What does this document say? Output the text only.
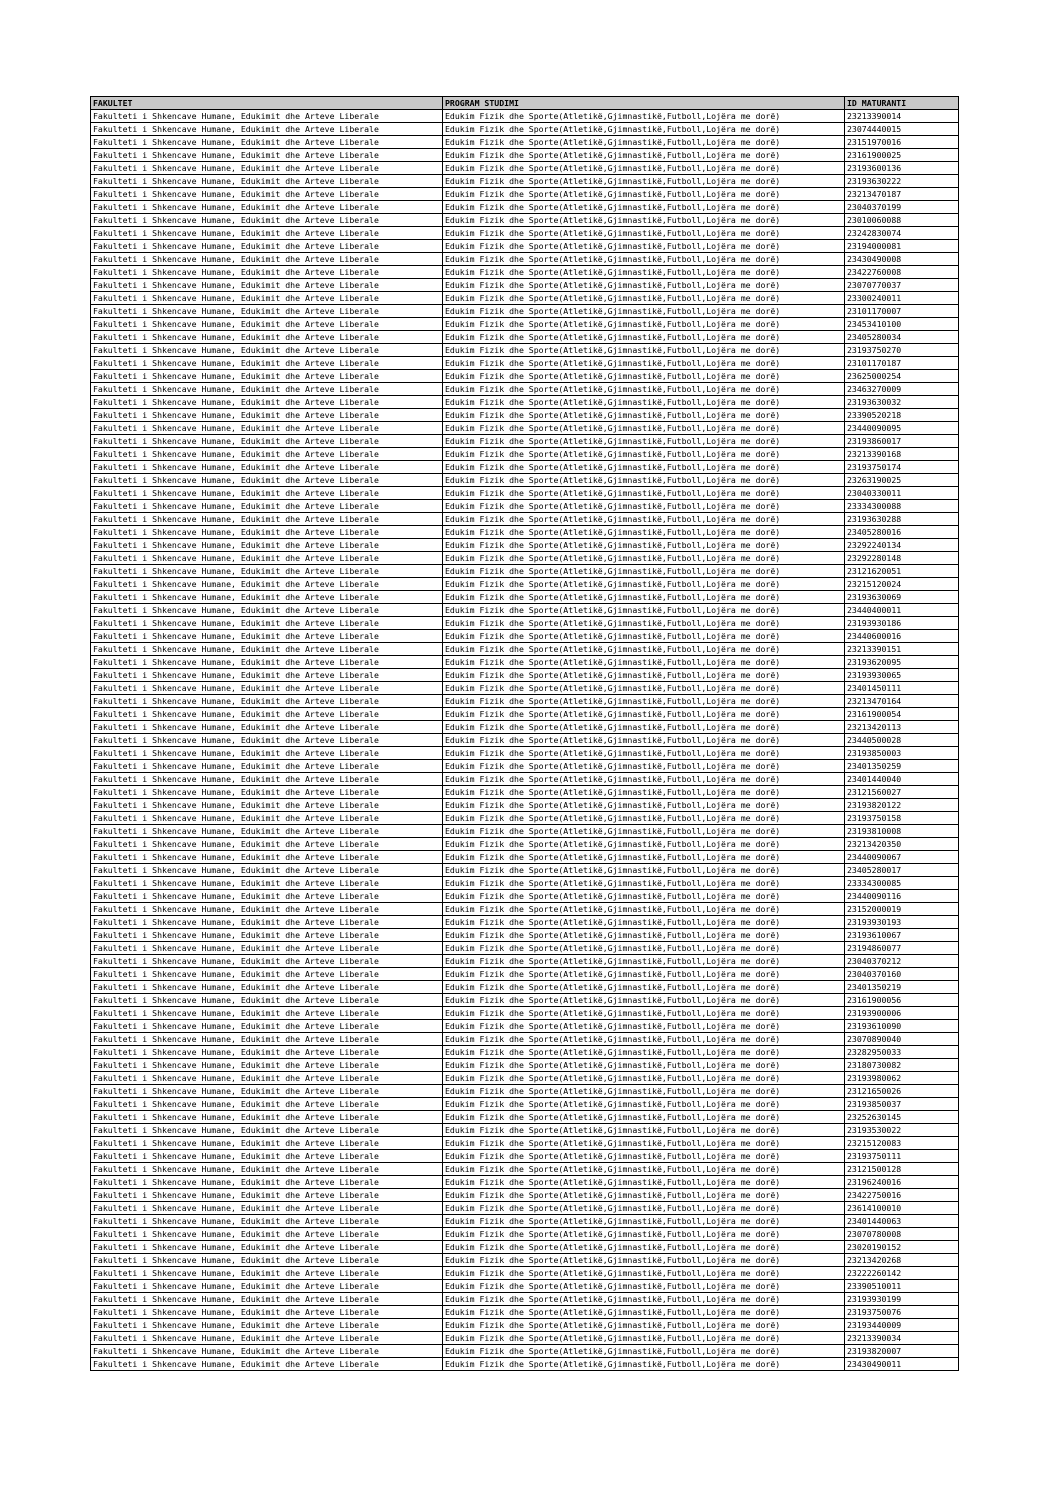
FAKULTET	PROGRAM STUDIMI	ID MATURANTI
Fakulteti i Shkencave Humane, Edukimit dhe Arteve Liberale	Edukim Fizik dhe Sporte(Atletikë,Gjimnastikë,Futboll,Lojëra me dorë)	23213390014
Fakulteti i Shkencave Humane, Edukimit dhe Arteve Liberale	Edukim Fizik dhe Sporte(Atletikë,Gjimnastikë,Futboll,Lojëra me dorë)	23074440015
Fakulteti i Shkencave Humane, Edukimit dhe Arteve Liberale	Edukim Fizik dhe Sporte(Atletikë,Gjimnastikë,Futboll,Lojëra me dorë)	23151970016
Fakulteti i Shkencave Humane, Edukimit dhe Arteve Liberale	Edukim Fizik dhe Sporte(Atletikë,Gjimnastikë,Futboll,Lojëra me dorë)	23161900025
Fakulteti i Shkencave Humane, Edukimit dhe Arteve Liberale	Edukim Fizik dhe Sporte(Atletikë,Gjimnastikë,Futboll,Lojëra me dorë)	23193600136
Fakulteti i Shkencave Humane, Edukimit dhe Arteve Liberale	Edukim Fizik dhe Sporte(Atletikë,Gjimnastikë,Futboll,Lojëra me dorë)	23193630222
Fakulteti i Shkencave Humane, Edukimit dhe Arteve Liberale	Edukim Fizik dhe Sporte(Atletikë,Gjimnastikë,Futboll,Lojëra me dorë)	23213470187
Fakulteti i Shkencave Humane, Edukimit dhe Arteve Liberale	Edukim Fizik dhe Sporte(Atletikë,Gjimnastikë,Futboll,Lojëra me dorë)	23040370199
Fakulteti i Shkencave Humane, Edukimit dhe Arteve Liberale	Edukim Fizik dhe Sporte(Atletikë,Gjimnastikë,Futboll,Lojëra me dorë)	23010060088
Fakulteti i Shkencave Humane, Edukimit dhe Arteve Liberale	Edukim Fizik dhe Sporte(Atletikë,Gjimnastikë,Futboll,Lojëra me dorë)	23242830074
Fakulteti i Shkencave Humane, Edukimit dhe Arteve Liberale	Edukim Fizik dhe Sporte(Atletikë,Gjimnastikë,Futboll,Lojëra me dorë)	23194000081
Fakulteti i Shkencave Humane, Edukimit dhe Arteve Liberale	Edukim Fizik dhe Sporte(Atletikë,Gjimnastikë,Futboll,Lojëra me dorë)	23430490008
Fakulteti i Shkencave Humane, Edukimit dhe Arteve Liberale	Edukim Fizik dhe Sporte(Atletikë,Gjimnastikë,Futboll,Lojëra me dorë)	23422760008
Fakulteti i Shkencave Humane, Edukimit dhe Arteve Liberale	Edukim Fizik dhe Sporte(Atletikë,Gjimnastikë,Futboll,Lojëra me dorë)	23070770037
Fakulteti i Shkencave Humane, Edukimit dhe Arteve Liberale	Edukim Fizik dhe Sporte(Atletikë,Gjimnastikë,Futboll,Lojëra me dorë)	23300240011
Fakulteti i Shkencave Humane, Edukimit dhe Arteve Liberale	Edukim Fizik dhe Sporte(Atletikë,Gjimnastikë,Futboll,Lojëra me dorë)	23101170007
Fakulteti i Shkencave Humane, Edukimit dhe Arteve Liberale	Edukim Fizik dhe Sporte(Atletikë,Gjimnastikë,Futboll,Lojëra me dorë)	23453410100
Fakulteti i Shkencave Humane, Edukimit dhe Arteve Liberale	Edukim Fizik dhe Sporte(Atletikë,Gjimnastikë,Futboll,Lojëra me dorë)	23405280034
Fakulteti i Shkencave Humane, Edukimit dhe Arteve Liberale	Edukim Fizik dhe Sporte(Atletikë,Gjimnastikë,Futboll,Lojëra me dorë)	23193750270
Fakulteti i Shkencave Humane, Edukimit dhe Arteve Liberale	Edukim Fizik dhe Sporte(Atletikë,Gjimnastikë,Futboll,Lojëra me dorë)	23101170187
Fakulteti i Shkencave Humane, Edukimit dhe Arteve Liberale	Edukim Fizik dhe Sporte(Atletikë,Gjimnastikë,Futboll,Lojëra me dorë)	23625000254
Fakulteti i Shkencave Humane, Edukimit dhe Arteve Liberale	Edukim Fizik dhe Sporte(Atletikë,Gjimnastikë,Futboll,Lojëra me dorë)	23463270009
Fakulteti i Shkencave Humane, Edukimit dhe Arteve Liberale	Edukim Fizik dhe Sporte(Atletikë,Gjimnastikë,Futboll,Lojëra me dorë)	23193630032
Fakulteti i Shkencave Humane, Edukimit dhe Arteve Liberale	Edukim Fizik dhe Sporte(Atletikë,Gjimnastikë,Futboll,Lojëra me dorë)	23390520218
Fakulteti i Shkencave Humane, Edukimit dhe Arteve Liberale	Edukim Fizik dhe Sporte(Atletikë,Gjimnastikë,Futboll,Lojëra me dorë)	23440090095
Fakulteti i Shkencave Humane, Edukimit dhe Arteve Liberale	Edukim Fizik dhe Sporte(Atletikë,Gjimnastikë,Futboll,Lojëra me dorë)	23193860017
Fakulteti i Shkencave Humane, Edukimit dhe Arteve Liberale	Edukim Fizik dhe Sporte(Atletikë,Gjimnastikë,Futboll,Lojëra me dorë)	23213390168
Fakulteti i Shkencave Humane, Edukimit dhe Arteve Liberale	Edukim Fizik dhe Sporte(Atletikë,Gjimnastikë,Futboll,Lojëra me dorë)	23193750174
Fakulteti i Shkencave Humane, Edukimit dhe Arteve Liberale	Edukim Fizik dhe Sporte(Atletikë,Gjimnastikë,Futboll,Lojëra me dorë)	23263190025
Fakulteti i Shkencave Humane, Edukimit dhe Arteve Liberale	Edukim Fizik dhe Sporte(Atletikë,Gjimnastikë,Futboll,Lojëra me dorë)	23040330011
Fakulteti i Shkencave Humane, Edukimit dhe Arteve Liberale	Edukim Fizik dhe Sporte(Atletikë,Gjimnastikë,Futboll,Lojëra me dorë)	23334300088
Fakulteti i Shkencave Humane, Edukimit dhe Arteve Liberale	Edukim Fizik dhe Sporte(Atletikë,Gjimnastikë,Futboll,Lojëra me dorë)	23193630288
Fakulteti i Shkencave Humane, Edukimit dhe Arteve Liberale	Edukim Fizik dhe Sporte(Atletikë,Gjimnastikë,Futboll,Lojëra me dorë)	23405280016
Fakulteti i Shkencave Humane, Edukimit dhe Arteve Liberale	Edukim Fizik dhe Sporte(Atletikë,Gjimnastikë,Futboll,Lojëra me dorë)	23292240134
Fakulteti i Shkencave Humane, Edukimit dhe Arteve Liberale	Edukim Fizik dhe Sporte(Atletikë,Gjimnastikë,Futboll,Lojëra me dorë)	23292280148
Fakulteti i Shkencave Humane, Edukimit dhe Arteve Liberale	Edukim Fizik dhe Sporte(Atletikë,Gjimnastikë,Futboll,Lojëra me dorë)	23121620051
Fakulteti i Shkencave Humane, Edukimit dhe Arteve Liberale	Edukim Fizik dhe Sporte(Atletikë,Gjimnastikë,Futboll,Lojëra me dorë)	23215120024
Fakulteti i Shkencave Humane, Edukimit dhe Arteve Liberale	Edukim Fizik dhe Sporte(Atletikë,Gjimnastikë,Futboll,Lojëra me dorë)	23193630069
Fakulteti i Shkencave Humane, Edukimit dhe Arteve Liberale	Edukim Fizik dhe Sporte(Atletikë,Gjimnastikë,Futboll,Lojëra me dorë)	23440400011
Fakulteti i Shkencave Humane, Edukimit dhe Arteve Liberale	Edukim Fizik dhe Sporte(Atletikë,Gjimnastikë,Futboll,Lojëra me dorë)	23193930186
Fakulteti i Shkencave Humane, Edukimit dhe Arteve Liberale	Edukim Fizik dhe Sporte(Atletikë,Gjimnastikë,Futboll,Lojëra me dorë)	23440600016
Fakulteti i Shkencave Humane, Edukimit dhe Arteve Liberale	Edukim Fizik dhe Sporte(Atletikë,Gjimnastikë,Futboll,Lojëra me dorë)	23213390151
Fakulteti i Shkencave Humane, Edukimit dhe Arteve Liberale	Edukim Fizik dhe Sporte(Atletikë,Gjimnastikë,Futboll,Lojëra me dorë)	23193620095
Fakulteti i Shkencave Humane, Edukimit dhe Arteve Liberale	Edukim Fizik dhe Sporte(Atletikë,Gjimnastikë,Futboll,Lojëra me dorë)	23193930065
Fakulteti i Shkencave Humane, Edukimit dhe Arteve Liberale	Edukim Fizik dhe Sporte(Atletikë,Gjimnastikë,Futboll,Lojëra me dorë)	23401450111
Fakulteti i Shkencave Humane, Edukimit dhe Arteve Liberale	Edukim Fizik dhe Sporte(Atletikë,Gjimnastikë,Futboll,Lojëra me dorë)	23213470164
Fakulteti i Shkencave Humane, Edukimit dhe Arteve Liberale	Edukim Fizik dhe Sporte(Atletikë,Gjimnastikë,Futboll,Lojëra me dorë)	23161900054
Fakulteti i Shkencave Humane, Edukimit dhe Arteve Liberale	Edukim Fizik dhe Sporte(Atletikë,Gjimnastikë,Futboll,Lojëra me dorë)	23213420113
Fakulteti i Shkencave Humane, Edukimit dhe Arteve Liberale	Edukim Fizik dhe Sporte(Atletikë,Gjimnastikë,Futboll,Lojëra me dorë)	23440500028
Fakulteti i Shkencave Humane, Edukimit dhe Arteve Liberale	Edukim Fizik dhe Sporte(Atletikë,Gjimnastikë,Futboll,Lojëra me dorë)	23193850003
Fakulteti i Shkencave Humane, Edukimit dhe Arteve Liberale	Edukim Fizik dhe Sporte(Atletikë,Gjimnastikë,Futboll,Lojëra me dorë)	23401350259
Fakulteti i Shkencave Humane, Edukimit dhe Arteve Liberale	Edukim Fizik dhe Sporte(Atletikë,Gjimnastikë,Futboll,Lojëra me dorë)	23401440040
Fakulteti i Shkencave Humane, Edukimit dhe Arteve Liberale	Edukim Fizik dhe Sporte(Atletikë,Gjimnastikë,Futboll,Lojëra me dorë)	23121560027
Fakulteti i Shkencave Humane, Edukimit dhe Arteve Liberale	Edukim Fizik dhe Sporte(Atletikë,Gjimnastikë,Futboll,Lojëra me dorë)	23193820122
Fakulteti i Shkencave Humane, Edukimit dhe Arteve Liberale	Edukim Fizik dhe Sporte(Atletikë,Gjimnastikë,Futboll,Lojëra me dorë)	23193750158
Fakulteti i Shkencave Humane, Edukimit dhe Arteve Liberale	Edukim Fizik dhe Sporte(Atletikë,Gjimnastikë,Futboll,Lojëra me dorë)	23193810008
Fakulteti i Shkencave Humane, Edukimit dhe Arteve Liberale	Edukim Fizik dhe Sporte(Atletikë,Gjimnastikë,Futboll,Lojëra me dorë)	23213420350
Fakulteti i Shkencave Humane, Edukimit dhe Arteve Liberale	Edukim Fizik dhe Sporte(Atletikë,Gjimnastikë,Futboll,Lojëra me dorë)	23440090067
Fakulteti i Shkencave Humane, Edukimit dhe Arteve Liberale	Edukim Fizik dhe Sporte(Atletikë,Gjimnastikë,Futboll,Lojëra me dorë)	23405280017
Fakulteti i Shkencave Humane, Edukimit dhe Arteve Liberale	Edukim Fizik dhe Sporte(Atletikë,Gjimnastikë,Futboll,Lojëra me dorë)	23334300085
Fakulteti i Shkencave Humane, Edukimit dhe Arteve Liberale	Edukim Fizik dhe Sporte(Atletikë,Gjimnastikë,Futboll,Lojëra me dorë)	23440090116
Fakulteti i Shkencave Humane, Edukimit dhe Arteve Liberale	Edukim Fizik dhe Sporte(Atletikë,Gjimnastikë,Futboll,Lojëra me dorë)	23152000019
Fakulteti i Shkencave Humane, Edukimit dhe Arteve Liberale	Edukim Fizik dhe Sporte(Atletikë,Gjimnastikë,Futboll,Lojëra me dorë)	23193930193
Fakulteti i Shkencave Humane, Edukimit dhe Arteve Liberale	Edukim Fizik dhe Sporte(Atletikë,Gjimnastikë,Futboll,Lojëra me dorë)	23193610067
Fakulteti i Shkencave Humane, Edukimit dhe Arteve Liberale	Edukim Fizik dhe Sporte(Atletikë,Gjimnastikë,Futboll,Lojëra me dorë)	23194860077
Fakulteti i Shkencave Humane, Edukimit dhe Arteve Liberale	Edukim Fizik dhe Sporte(Atletikë,Gjimnastikë,Futboll,Lojëra me dorë)	23040370212
Fakulteti i Shkencave Humane, Edukimit dhe Arteve Liberale	Edukim Fizik dhe Sporte(Atletikë,Gjimnastikë,Futboll,Lojëra me dorë)	23040370160
Fakulteti i Shkencave Humane, Edukimit dhe Arteve Liberale	Edukim Fizik dhe Sporte(Atletikë,Gjimnastikë,Futboll,Lojëra me dorë)	23401350219
Fakulteti i Shkencave Humane, Edukimit dhe Arteve Liberale	Edukim Fizik dhe Sporte(Atletikë,Gjimnastikë,Futboll,Lojëra me dorë)	23161900056
Fakulteti i Shkencave Humane, Edukimit dhe Arteve Liberale	Edukim Fizik dhe Sporte(Atletikë,Gjimnastikë,Futboll,Lojëra me dorë)	23193900006
Fakulteti i Shkencave Humane, Edukimit dhe Arteve Liberale	Edukim Fizik dhe Sporte(Atletikë,Gjimnastikë,Futboll,Lojëra me dorë)	23193610090
Fakulteti i Shkencave Humane, Edukimit dhe Arteve Liberale	Edukim Fizik dhe Sporte(Atletikë,Gjimnastikë,Futboll,Lojëra me dorë)	23070890040
Fakulteti i Shkencave Humane, Edukimit dhe Arteve Liberale	Edukim Fizik dhe Sporte(Atletikë,Gjimnastikë,Futboll,Lojëra me dorë)	23282950033
Fakulteti i Shkencave Humane, Edukimit dhe Arteve Liberale	Edukim Fizik dhe Sporte(Atletikë,Gjimnastikë,Futboll,Lojëra me dorë)	23180730082
Fakulteti i Shkencave Humane, Edukimit dhe Arteve Liberale	Edukim Fizik dhe Sporte(Atletikë,Gjimnastikë,Futboll,Lojëra me dorë)	23193980062
Fakulteti i Shkencave Humane, Edukimit dhe Arteve Liberale	Edukim Fizik dhe Sporte(Atletikë,Gjimnastikë,Futboll,Lojëra me dorë)	23121650026
Fakulteti i Shkencave Humane, Edukimit dhe Arteve Liberale	Edukim Fizik dhe Sporte(Atletikë,Gjimnastikë,Futboll,Lojëra me dorë)	23193850037
Fakulteti i Shkencave Humane, Edukimit dhe Arteve Liberale	Edukim Fizik dhe Sporte(Atletikë,Gjimnastikë,Futboll,Lojëra me dorë)	23252630145
Fakulteti i Shkencave Humane, Edukimit dhe Arteve Liberale	Edukim Fizik dhe Sporte(Atletikë,Gjimnastikë,Futboll,Lojëra me dorë)	23193530022
Fakulteti i Shkencave Humane, Edukimit dhe Arteve Liberale	Edukim Fizik dhe Sporte(Atletikë,Gjimnastikë,Futboll,Lojëra me dorë)	23215120083
Fakulteti i Shkencave Humane, Edukimit dhe Arteve Liberale	Edukim Fizik dhe Sporte(Atletikë,Gjimnastikë,Futboll,Lojëra me dorë)	23193750111
Fakulteti i Shkencave Humane, Edukimit dhe Arteve Liberale	Edukim Fizik dhe Sporte(Atletikë,Gjimnastikë,Futboll,Lojëra me dorë)	23121500128
Fakulteti i Shkencave Humane, Edukimit dhe Arteve Liberale	Edukim Fizik dhe Sporte(Atletikë,Gjimnastikë,Futboll,Lojëra me dorë)	23196240016
Fakulteti i Shkencave Humane, Edukimit dhe Arteve Liberale	Edukim Fizik dhe Sporte(Atletikë,Gjimnastikë,Futboll,Lojëra me dorë)	23422750016
Fakulteti i Shkencave Humane, Edukimit dhe Arteve Liberale	Edukim Fizik dhe Sporte(Atletikë,Gjimnastikë,Futboll,Lojëra me dorë)	23614100010
Fakulteti i Shkencave Humane, Edukimit dhe Arteve Liberale	Edukim Fizik dhe Sporte(Atletikë,Gjimnastikë,Futboll,Lojëra me dorë)	23401440063
Fakulteti i Shkencave Humane, Edukimit dhe Arteve Liberale	Edukim Fizik dhe Sporte(Atletikë,Gjimnastikë,Futboll,Lojëra me dorë)	23070780008
Fakulteti i Shkencave Humane, Edukimit dhe Arteve Liberale	Edukim Fizik dhe Sporte(Atletikë,Gjimnastikë,Futboll,Lojëra me dorë)	23020190152
Fakulteti i Shkencave Humane, Edukimit dhe Arteve Liberale	Edukim Fizik dhe Sporte(Atletikë,Gjimnastikë,Futboll,Lojëra me dorë)	23213420268
Fakulteti i Shkencave Humane, Edukimit dhe Arteve Liberale	Edukim Fizik dhe Sporte(Atletikë,Gjimnastikë,Futboll,Lojëra me dorë)	23222260142
Fakulteti i Shkencave Humane, Edukimit dhe Arteve Liberale	Edukim Fizik dhe Sporte(Atletikë,Gjimnastikë,Futboll,Lojëra me dorë)	23390510011
Fakulteti i Shkencave Humane, Edukimit dhe Arteve Liberale	Edukim Fizik dhe Sporte(Atletikë,Gjimnastikë,Futboll,Lojëra me dorë)	23193930199
Fakulteti i Shkencave Humane, Edukimit dhe Arteve Liberale	Edukim Fizik dhe Sporte(Atletikë,Gjimnastikë,Futboll,Lojëra me dorë)	23193750076
Fakulteti i Shkencave Humane, Edukimit dhe Arteve Liberale	Edukim Fizik dhe Sporte(Atletikë,Gjimnastikë,Futboll,Lojëra me dorë)	23193440009
Fakulteti i Shkencave Humane, Edukimit dhe Arteve Liberale	Edukim Fizik dhe Sporte(Atletikë,Gjimnastikë,Futboll,Lojëra me dorë)	23213390034
Fakulteti i Shkencave Humane, Edukimit dhe Arteve Liberale	Edukim Fizik dhe Sporte(Atletikë,Gjimnastikë,Futboll,Lojëra me dorë)	23193820007
Fakulteti i Shkencave Humane, Edukimit dhe Arteve Liberale	Edukim Fizik dhe Sporte(Atletikë,Gjimnastikë,Futboll,Lojëra me dorë)	23430490011
